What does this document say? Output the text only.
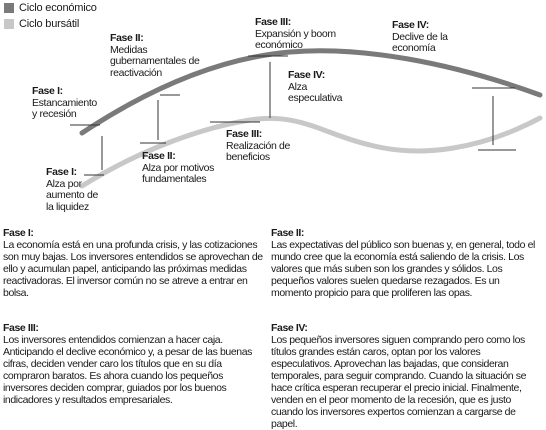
Ciclo económico
Ciclo bursátil
Fase I:
Estancamiento
y recesión
Fase II:
Medidas
gubernamentales de
reactivación
Fase III:
Expansión y boom
económico
Fase IV:
Declive de la
economía
Fase I:
Alza por
aumento de
la liquidez
Fase II:
Alza por motivos
fundamentales
Fase III:
Realización de
beneficios
Fase IV:
Alza
especulativa
Fase I:
La economía está en una profunda crisis, y las cotizaciones son muy bajas. Los inversores entendidos se aprovechan de ello y acumulan papel, anticipando las próximas medidas reactivadoras. El inversor común no se atreve a entrar en bolsa.
Fase II:
Las expectativas del público son buenas y, en general, todo el mundo cree que la economía está saliendo de la crisis. Los valores que más suben son los grandes y sólidos. Los pequeños valores suelen quedarse rezagados. Es un momento propicio para que proliferen las opas.
Fase III:
Los inversores entendidos comienzan a hacer caja. Anticipando el declive económico y, a pesar de las buenas cifras, deciden vender caro los títulos que en su día compraron baratos. Es ahora cuando los pequeños inversores deciden comprar, guiados por los buenos indicadores y resultados empresariales.
Fase IV:
Los pequeños inversores siguen comprando pero como los títulos grandes están caros, optan por los valores especulativos. Aprovechan las bajadas, que consideran temporales, para seguir comprando. Cuando la situación se hace crítica esperan recuperar el precio inicial. Finalmente, venden en el peor momento de la recesión, que es justo cuando los inversores expertos comienzan a cargarse de papel.
